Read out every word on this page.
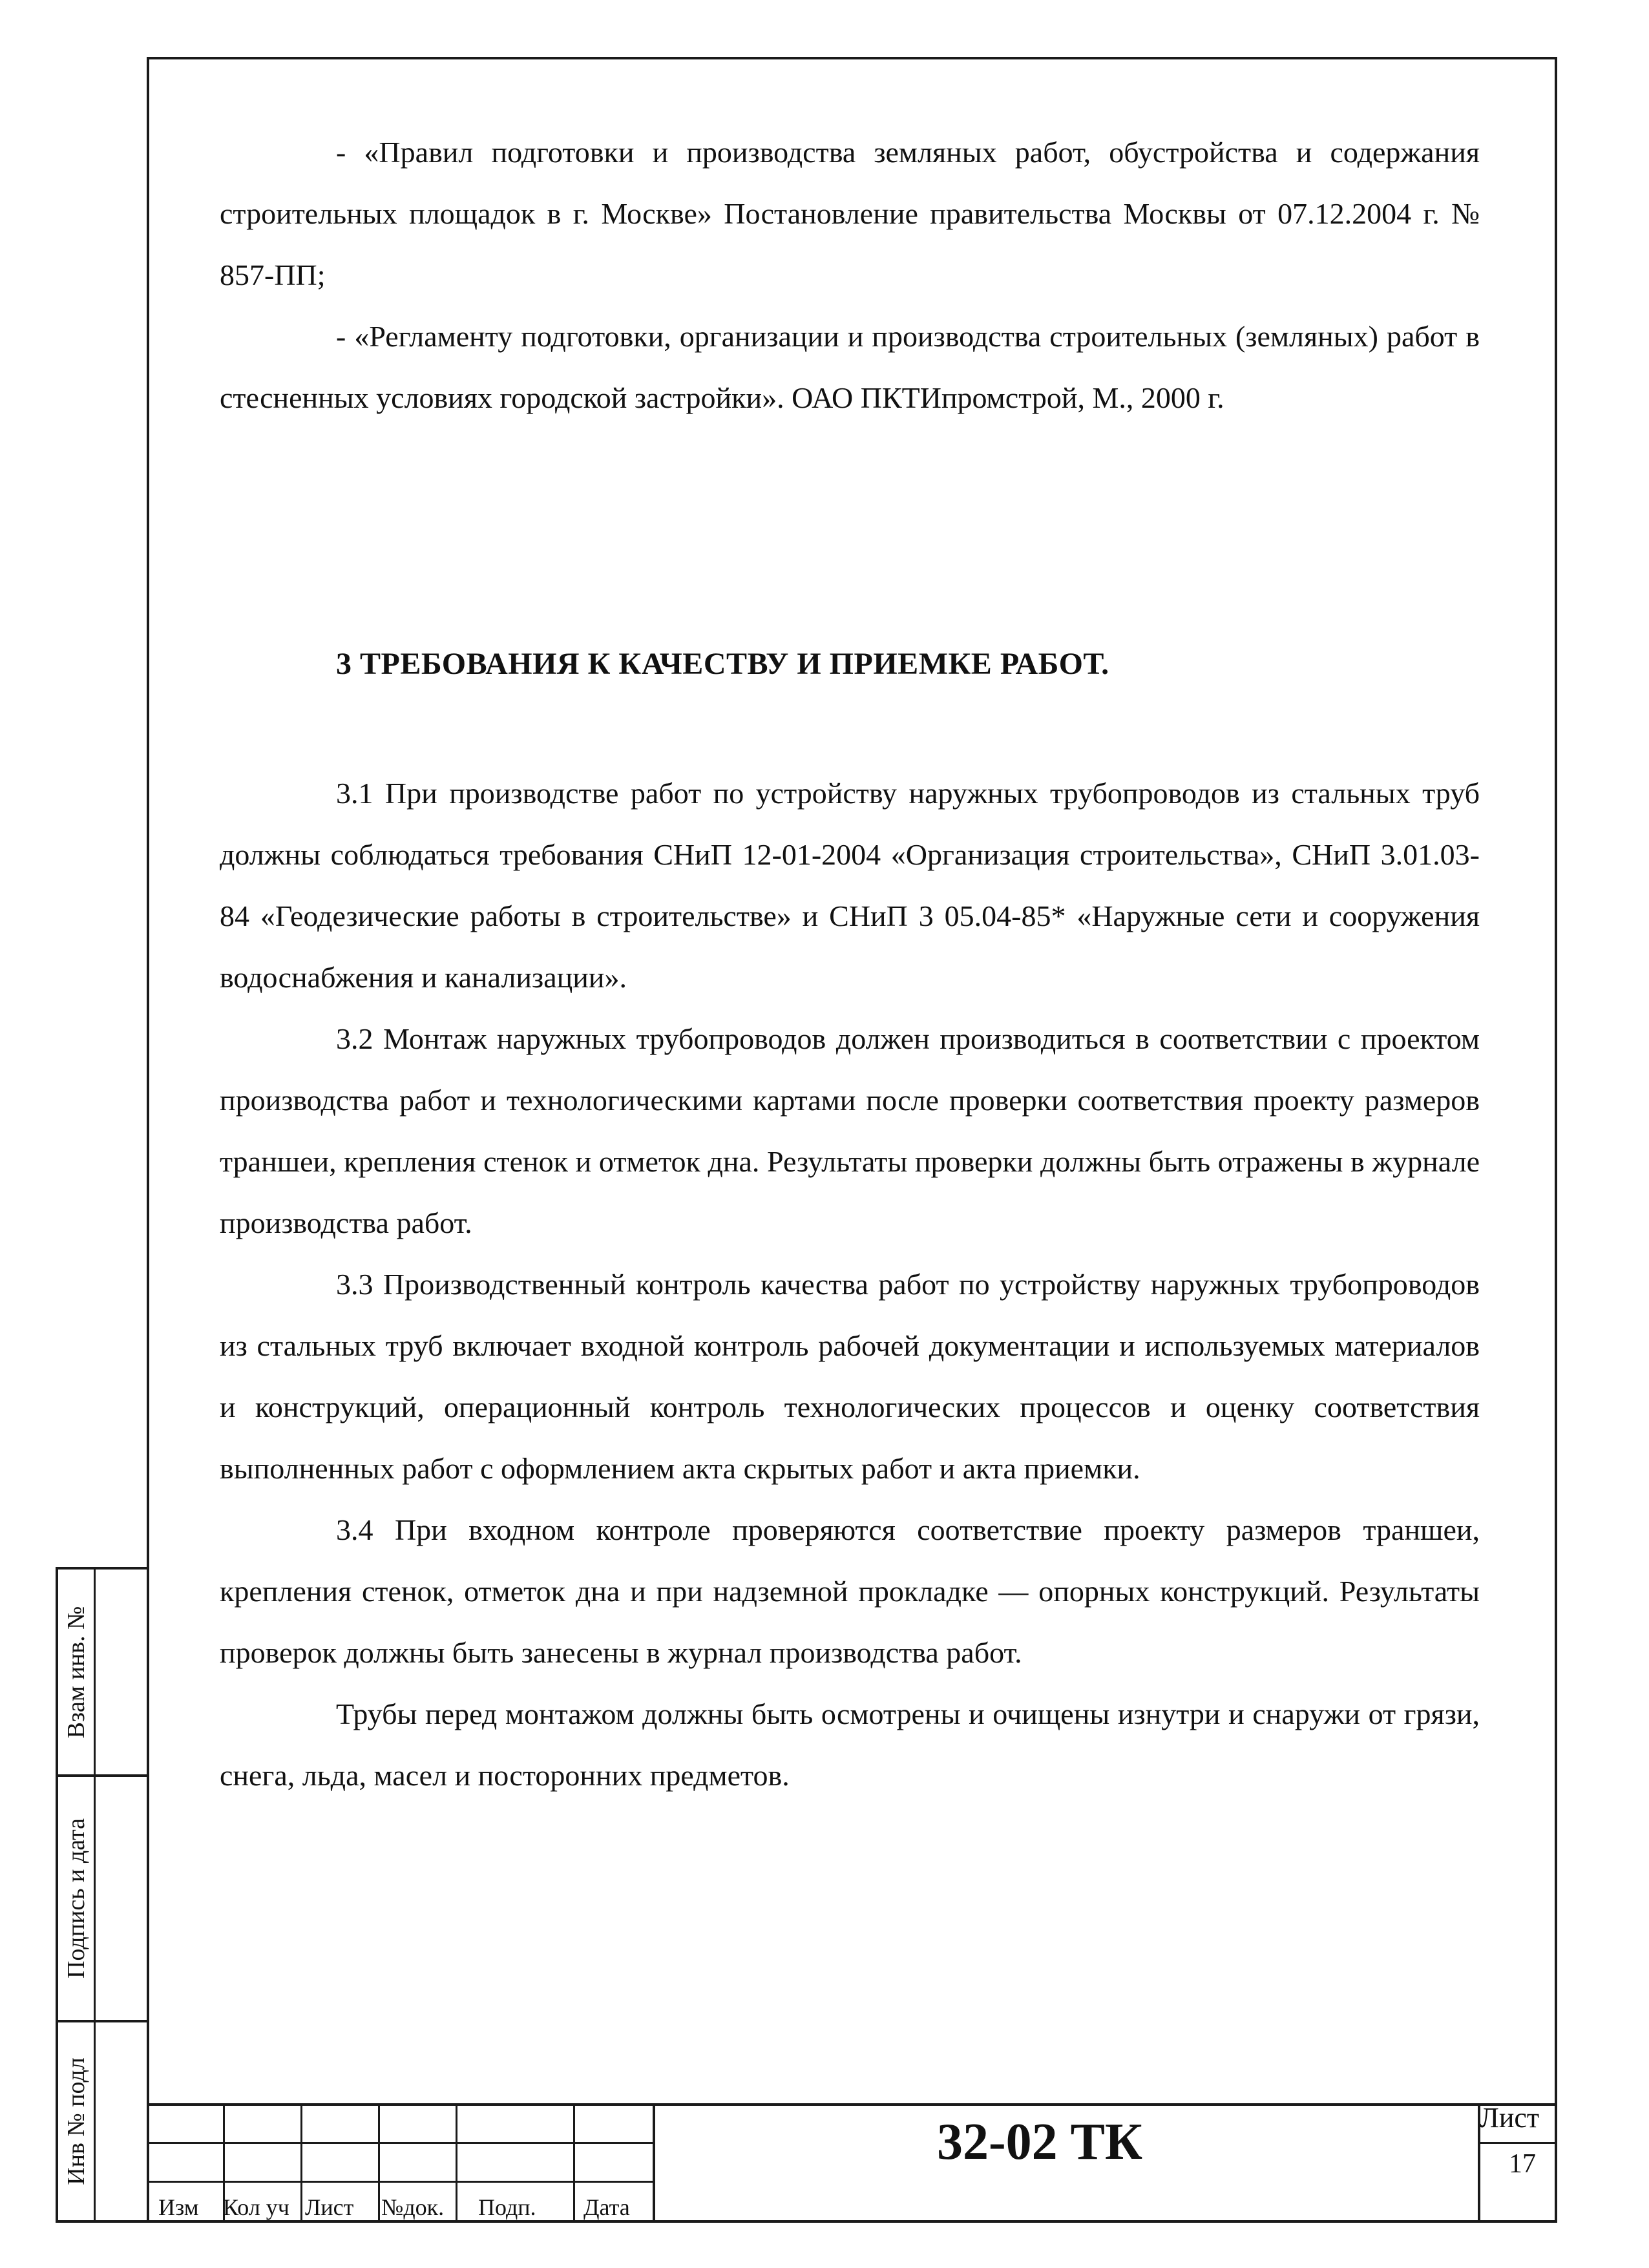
- «Правил подготовки и производства земляных работ, обустройства и содержания строительных площадок в г. Москве» Постановление правительства Москвы от 07.12.2004 г. № 857-ПП;

- «Регламенту подготовки, организации и производства строительных (земляных) работ в стесненных условиях городской застройки». ОАО ПКТИпромстрой, М., 2000 г.

3 ТРЕБОВАНИЯ К КАЧЕСТВУ И ПРИЕМКЕ РАБОТ.

3.1 При производстве работ по устройству наружных трубопроводов из стальных труб должны соблюдаться требования СНиП 12-01-2004 «Организация строительства», СНиП 3.01.03-84 «Геодезические работы в строительстве» и СНиП 3 05.04-85* «Наружные сети и сооружения водоснабжения и канализации».

3.2 Монтаж наружных трубопроводов должен производиться в соответствии с проектом производства работ и технологическими картами после проверки соответствия проекту размеров траншеи, крепления стенок и отметок дна. Результаты проверки должны быть отражены в журнале производства работ.

3.3 Производственный контроль качества работ по устройству наружных трубопроводов из стальных труб включает входной контроль рабочей документации и используемых материалов и конструкций, операционный контроль технологических процессов и оценку соответствия выполненных работ с оформлением акта скрытых работ и акта приемки.

3.4 При входном контроле проверяются соответствие проекту размеров траншеи, крепления стенок, отметок дна и при надземной прокладке — опорных конструкций. Результаты проверок должны быть занесены в журнал производства работ.

Трубы перед монтажом должны быть осмотрены и очищены изнутри и снаружи от грязи, снега, льда, масел и посторонних предметов.

Взам инв. №
Подпись и дата
Инв № подл
Изм Кол уч Лист №док. Подп. Дата
32-02 ТК	Лист
17
